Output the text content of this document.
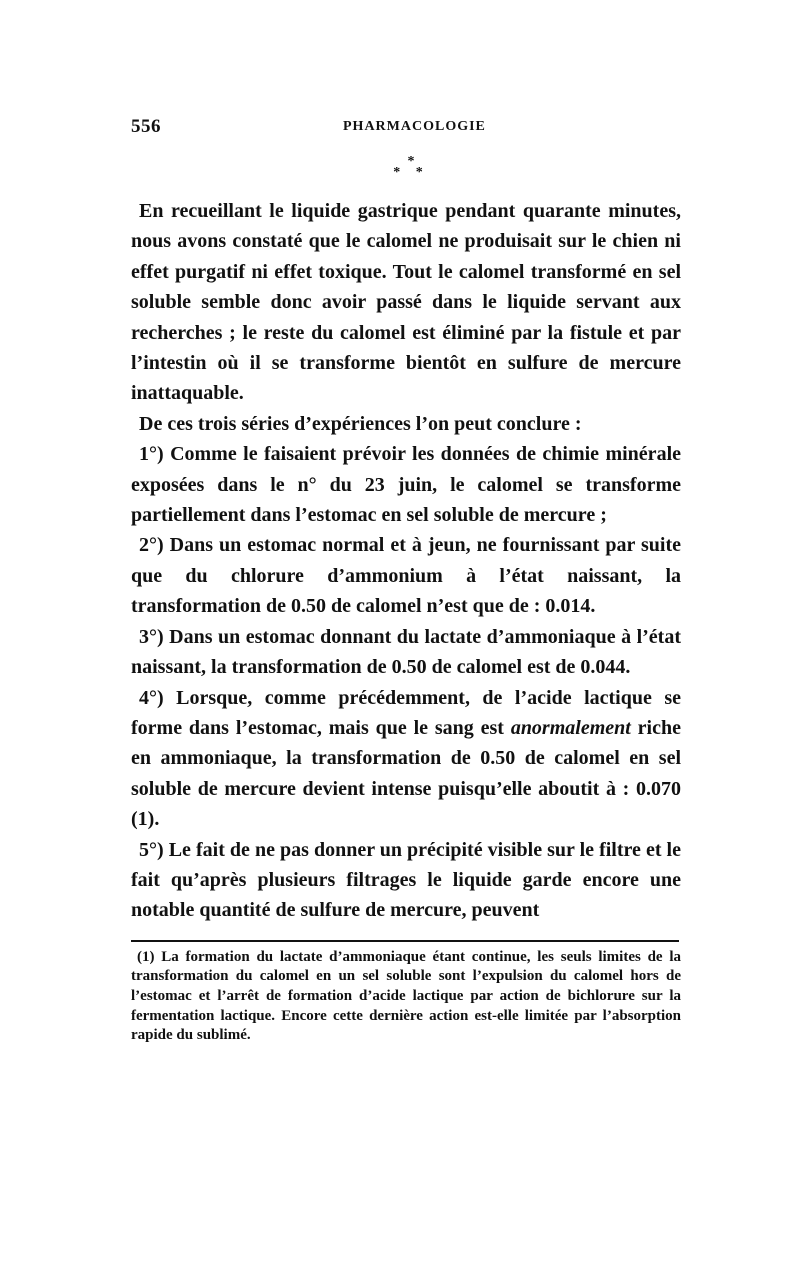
556	PHARMACOLOGIE
*
* *

En recueillant le liquide gastrique pendant quarante minutes, nous avons constaté que le calomel ne produisait sur le chien ni effet purgatif ni effet toxique. Tout le calomel transformé en sel soluble semble donc avoir passé dans le liquide servant aux recherches ; le reste du calomel est éliminé par la fistule et par l’intestin où il se transforme bientôt en sulfure de mercure inattaquable.

De ces trois séries d’expériences l’on peut conclure :

1°) Comme le faisaient prévoir les données de chimie minérale exposées dans le n° du 23 juin, le calomel se transforme partiellement dans l’estomac en sel soluble de mercure ;

2°) Dans un estomac normal et à jeun, ne fournissant par suite que du chlorure d’ammonium à l’état naissant, la transformation de 0.50 de calomel n’est que de : 0.014.

3°) Dans un estomac donnant du lactate d’ammoniaque à l’état naissant, la transformation de 0.50 de calomel est de 0.044.

4°) Lorsque, comme précédemment, de l’acide lactique se forme dans l’estomac, mais que le sang est anormalement riche en ammoniaque, la transformation de 0.50 de calomel en sel soluble de mercure devient intense puisqu’elle aboutit à : 0.070 (1).

5°) Le fait de ne pas donner un précipité visible sur le filtre et le fait qu’après plusieurs filtrages le liquide garde encore une notable quantité de sulfure de mercure, peuvent

(1) La formation du lactate d’ammoniaque étant continue, les seuls limites de la transformation du calomel en un sel soluble sont l’expulsion du calomel hors de l’estomac et l’arrêt de formation d’acide lactique par action de bichlorure sur la fermentation lactique. Encore cette dernière action est-elle limitée par l’absorption rapide du sublimé.
